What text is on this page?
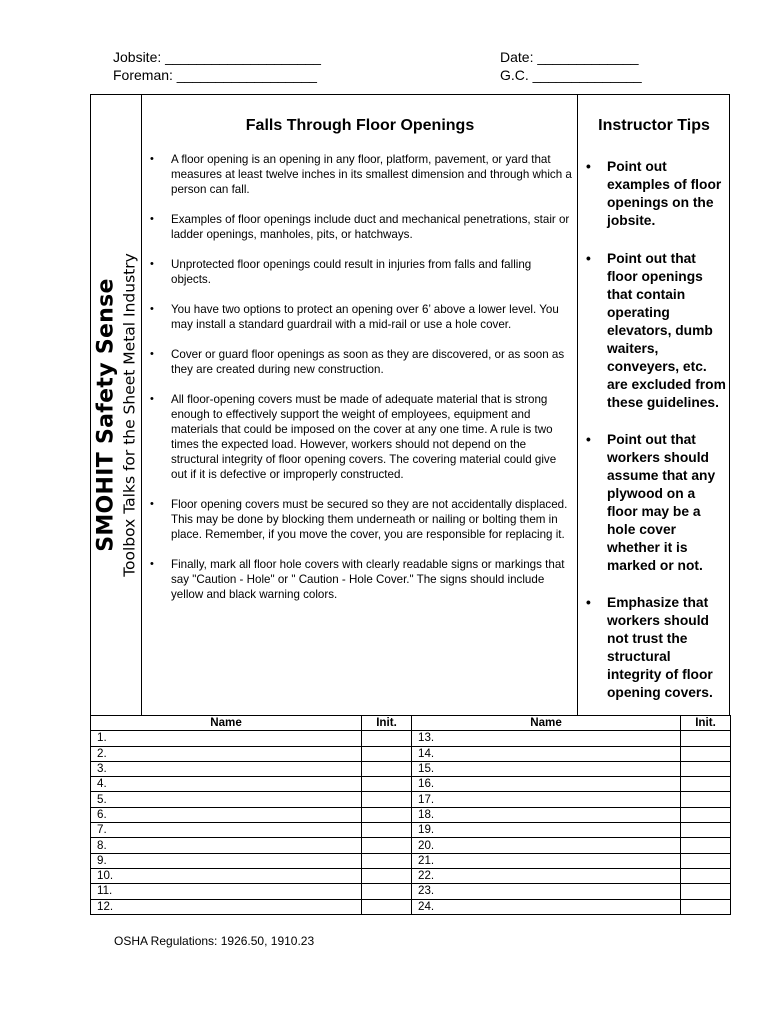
Jobsite: ____________________
Foreman: __________________
Date: _____________
G.C. ______________
SMOHIT Safety Sense Toolbox Talks for the Sheet Metal Industry
Falls Through Floor Openings
• A floor opening is an opening in any floor, platform, pavement, or yard that measures at least twelve inches in its smallest dimension and through which a person can fall.
• Examples of floor openings include duct and mechanical penetrations, stair or ladder openings, manholes, pits, or hatchways.
• Unprotected floor openings could result in injuries from falls and falling objects.
• You have two options to protect an opening over 6’ above a lower level. You may install a standard guardrail with a mid-rail or use a hole cover.
• Cover or guard floor openings as soon as they are discovered, or as soon as they are created during new construction.
• All floor-opening covers must be made of adequate material that is strong enough to effectively support the weight of employees, equipment and materials that could be imposed on the cover at any one time. A rule is two times the expected load. However, workers should not depend on the structural integrity of floor opening covers. The covering material could give out if it is defective or improperly constructed.
• Floor opening covers must be secured so they are not accidentally displaced. This may be done by blocking them underneath or nailing or bolting them in place. Remember, if you move the cover, you are responsible for replacing it.
• Finally, mark all floor hole covers with clearly readable signs or markings that say "Caution - Hole" or " Caution - Hole Cover." The signs should include yellow and black warning colors.
Instructor Tips
• Point out examples of floor openings on the jobsite.
• Point out that floor openings that contain operating elevators, dumb waiters, conveyers, etc. are excluded from these guidelines.
• Point out that workers should assume that any plywood on a floor may be a hole cover whether it is marked or not.
• Emphasize that workers should not trust the structural integrity of floor opening covers.
Name	Init.	Name	Init.
1.		13.	
2.		14.	
3.		15.	
4.		16.	
5.		17.	
6.		18.	
7.		19.	
8.		20.	
9.		21.	
10.		22.	
11.		23.	
12.		24.	
OSHA Regulations: 1926.50, 1910.23
